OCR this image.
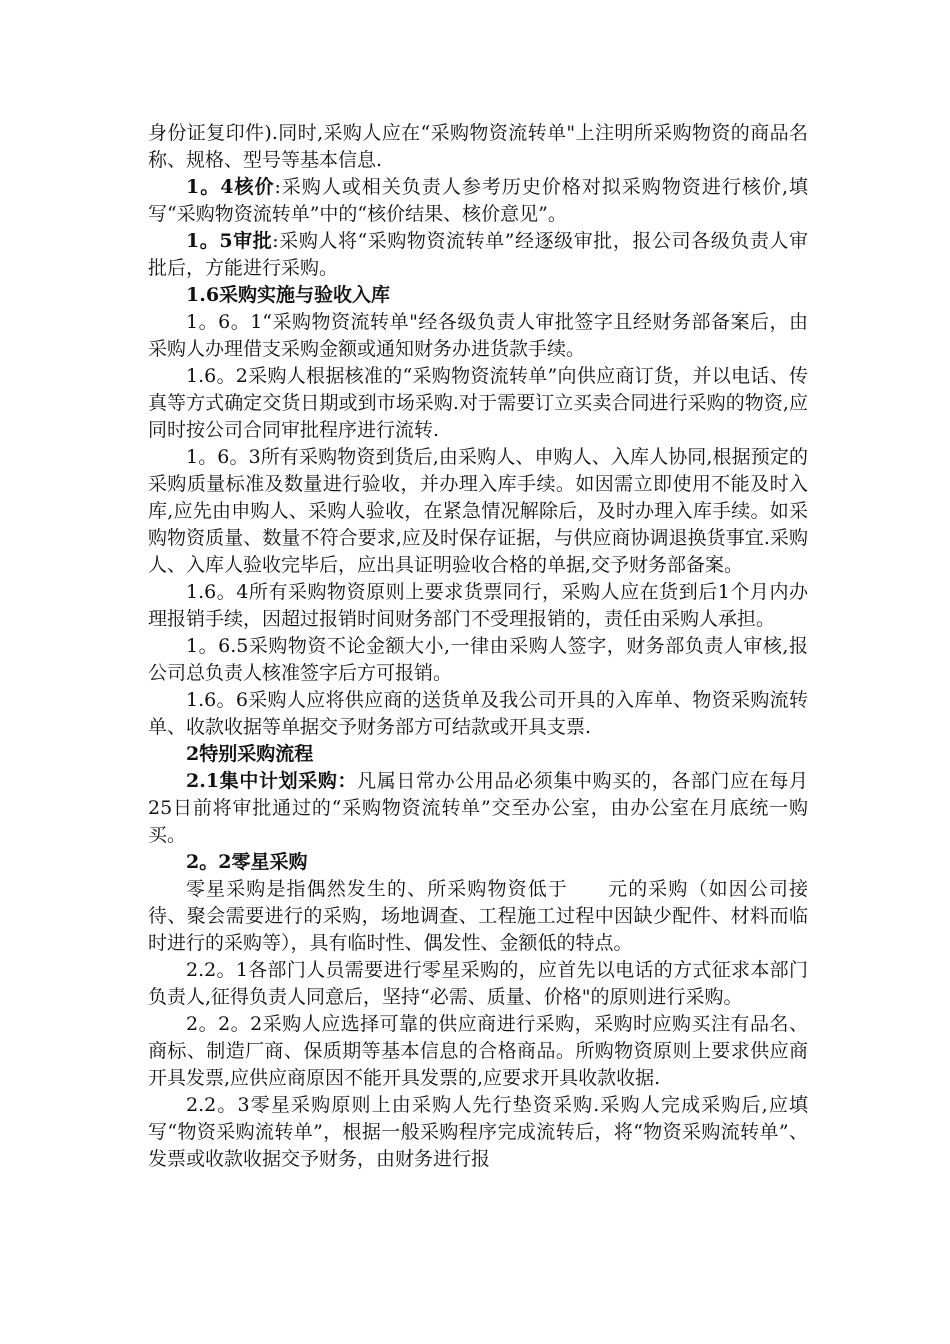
身份证复印件).同时,采购人应在“采购物资流转单"上注明所采购物资的商品名称、规格、型号等基本信息.

1。4核价:采购人或相关负责人参考历史价格对拟采购物资进行核价,填写“采购物资流转单”中的“核价结果、核价意见”。

1。5审批:采购人将“采购物资流转单”经逐级审批，报公司各级负责人审批后，方能进行采购。

1.6采购实施与验收入库

1。6。1“采购物资流转单"经各级负责人审批签字且经财务部备案后，由采购人办理借支采购金额或通知财务办进货款手续。

1.6。2采购人根据核准的“采购物资流转单”向供应商订货，并以电话、传真等方式确定交货日期或到市场采购.对于需要订立买卖合同进行采购的物资,应同时按公司合同审批程序进行流转.

1。6。3所有采购物资到货后,由采购人、申购人、入库人协同,根据预定的采购质量标准及数量进行验收，并办理入库手续。如因需立即使用不能及时入库,应先由申购人、采购人验收，在紧急情况解除后，及时办理入库手续。如采购物资质量、数量不符合要求,应及时保存证据，与供应商协调退换货事宜.采购人、入库人验收完毕后，应出具证明验收合格的单据,交予财务部备案。

1.6。4所有采购物资原则上要求货票同行，采购人应在货到后1个月内办理报销手续，因超过报销时间财务部门不受理报销的，责任由采购人承担。

1。6.5采购物资不论金额大小,一律由采购人签字，财务部负责人审核,报公司总负责人核准签字后方可报销。

1.6。6采购人应将供应商的送货单及我公司开具的入库单、物资采购流转单、收款收据等单据交予财务部方可结款或开具支票.

2特别采购流程

2.1集中计划采购：凡属日常办公用品必须集中购买的，各部门应在每月25日前将审批通过的“采购物资流转单”交至办公室，由办公室在月底统一购买。

2。2零星采购

零星采购是指偶然发生的、所采购物资低于　　元的采购（如因公司接待、聚会需要进行的采购，场地调查、工程施工过程中因缺少配件、材料而临时进行的采购等），具有临时性、偶发性、金额低的特点。

2.2。1各部门人员需要进行零星采购的，应首先以电话的方式征求本部门负责人,征得负责人同意后，坚持“必需、质量、价格"的原则进行采购。

2。2。2采购人应选择可靠的供应商进行采购，采购时应购买注有品名、商标、制造厂商、保质期等基本信息的合格商品。所购物资原则上要求供应商开具发票,应供应商原因不能开具发票的,应要求开具收款收据.

2.2。3零星采购原则上由采购人先行垫资采购.采购人完成采购后,应填写“物资采购流转单”，根据一般采购程序完成流转后，将“物资采购流转单”、发票或收款收据交予财务，由财务进行报
